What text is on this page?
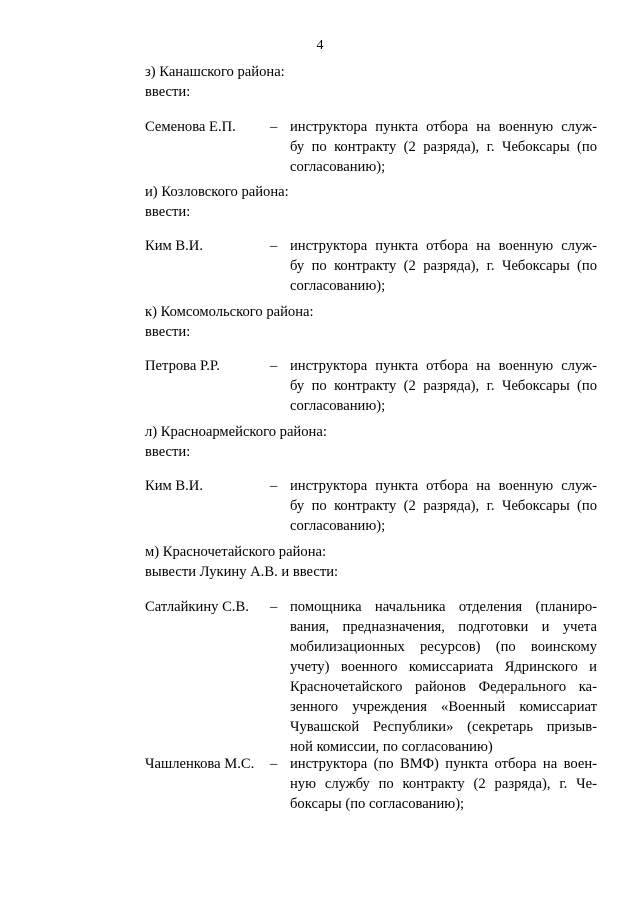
4
з) Канашского района:
ввести:
Семенова Е.П. – инструктора пункта отбора на военную служ-
бу по контракту (2 разряда), г. Чебоксары (по
согласованию);
и) Козловского района:
ввести:
Ким В.И.	– инструктора пункта отбора на военную служ-
бу по контракту (2 разряда), г. Чебоксары (по
согласованию);
к) Комсомольского района:
ввести:
Петрова Р.Р.	– инструктора пункта отбора на военную служ-
бу по контракту (2 разряда), г. Чебоксары (по
согласованию);
л) Красноармейского района:
ввести:
Ким В.И.	– инструктора пункта отбора на военную служ-
бу по контракту (2 разряда), г. Чебоксары (по
согласованию);
м) Красночетайского района:
вывести Лукину А.В. и ввести:
Сатлайкину С.В. – помощника начальника отделения (планиро-
вания, предназначения, подготовки и учета
мобилизационных ресурсов) (по воинскому
учету) военного комиссариата Ядринского и
Красночетайского районов Федерального ка-
зенного учреждения «Военный комиссариат
Чувашской Республики» (секретарь призыв-
ной комиссии, по согласованию)
Чашленкова М.С. – инструктора (по ВМФ) пункта отбора на воен-
ную службу по контракту (2 разряда), г. Че-
боксары (по согласованию);
